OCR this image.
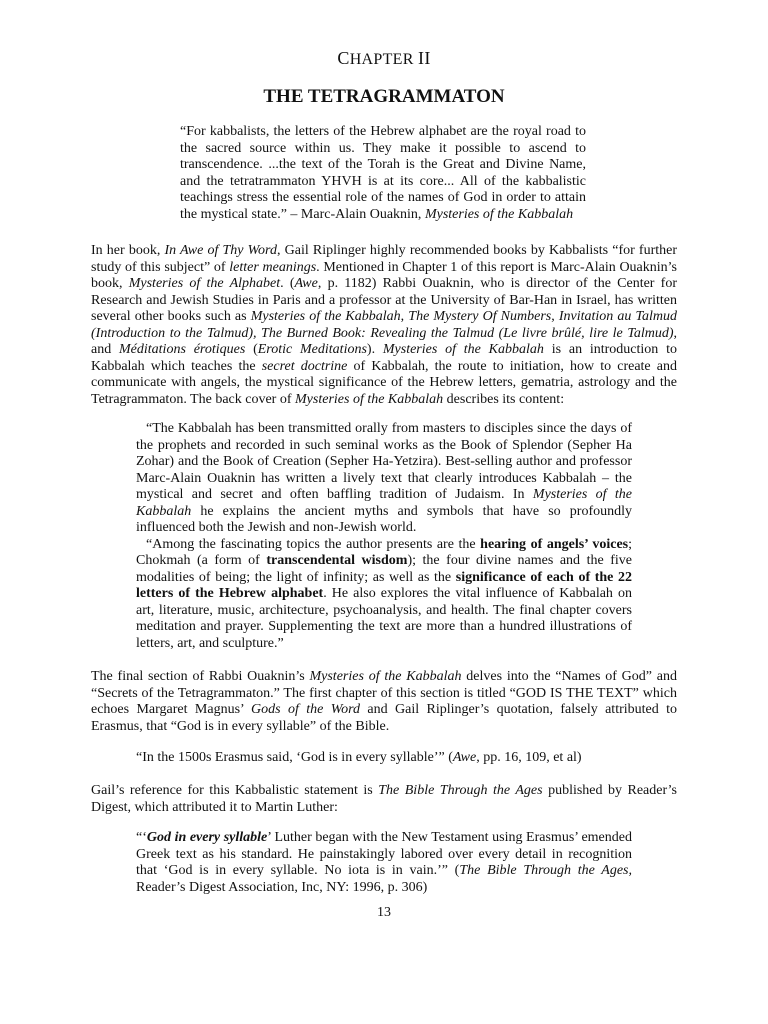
CHAPTER II
THE TETRAGRAMMATON
“For kabbalists, the letters of the Hebrew alphabet are the royal road to the sacred source within us. They make it possible to ascend to transcendence. ...the text of the Torah is the Great and Divine Name, and the tetratrammaton YHVH is at its core... All of the kabbalistic teachings stress the essential role of the names of God in order to attain the mystical state.” – Marc-Alain Ouaknin, Mysteries of the Kabbalah
In her book, In Awe of Thy Word, Gail Riplinger highly recommended books by Kabbalists “for further study of this subject” of letter meanings. Mentioned in Chapter 1 of this report is Marc-Alain Ouaknin’s book, Mysteries of the Alphabet. (Awe, p. 1182) Rabbi Ouaknin, who is director of the Center for Research and Jewish Studies in Paris and a professor at the University of Bar-Han in Israel, has written several other books such as Mysteries of the Kabbalah, The Mystery Of Numbers, Invitation au Talmud (Introduction to the Talmud), The Burned Book: Revealing the Talmud (Le livre brûlé, lire le Talmud), and Méditations érotiques (Erotic Meditations). Mysteries of the Kabbalah is an introduction to Kabbalah which teaches the secret doctrine of Kabbalah, the route to initiation, how to create and communicate with angels, the mystical significance of the Hebrew letters, gematria, astrology and the Tetragrammaton. The back cover of Mysteries of the Kabbalah describes its content:

“The Kabbalah has been transmitted orally from masters to disciples since the days of the prophets and recorded in such seminal works as the Book of Splendor (Sepher Ha Zohar) and the Book of Creation (Sepher Ha-Yetzira). Best-selling author and professor Marc-Alain Ouaknin has written a lively text that clearly introduces Kabbalah – the mystical and secret and often baffling tradition of Judaism. In Mysteries of the Kabbalah he explains the ancient myths and symbols that have so profoundly influenced both the Jewish and non-Jewish world.

“Among the fascinating topics the author presents are the hearing of angels’ voices; Chokmah (a form of transcendental wisdom); the four divine names and the five modalities of being; the light of infinity; as well as the significance of each of the 22 letters of the Hebrew alphabet. He also explores the vital influence of Kabbalah on art, literature, music, architecture, psychoanalysis, and health. The final chapter covers meditation and prayer. Supplementing the text are more than a hundred illustrations of letters, art, and sculpture.”

The final section of Rabbi Ouaknin’s Mysteries of the Kabbalah delves into the “Names of God” and “Secrets of the Tetragrammaton.” The first chapter of this section is titled “GOD IS THE TEXT” which echoes Margaret Magnus’ Gods of the Word and Gail Riplinger’s quotation, falsely attributed to Erasmus, that “God is in every syllable” of the Bible.
“In the 1500s Erasmus said, ‘God is in every syllable’” (Awe, pp. 16, 109, et al)
Gail’s reference for this Kabbalistic statement is The Bible Through the Ages published by Reader’s Digest, which attributed it to Martin Luther:
“‘God in every syllable’ Luther began with the New Testament using Erasmus’ emended Greek text as his standard. He painstakingly labored over every detail in recognition that ‘God is in every syllable. No iota is in vain.’” (The Bible Through the Ages, Reader’s Digest Association, Inc, NY: 1996, p. 306)
13
